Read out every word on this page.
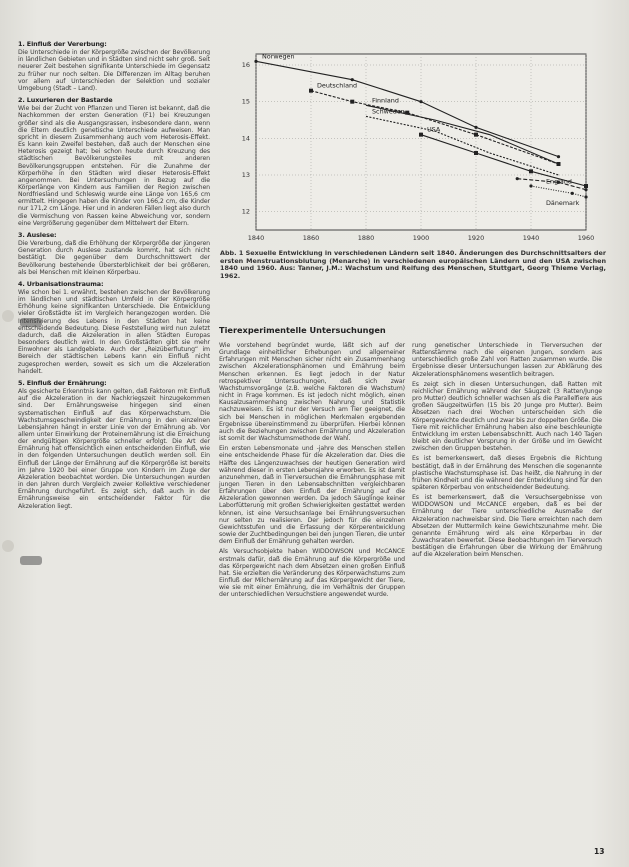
1. Einfluß der Vererbung:

Die Unterschiede in der Körpergröße zwischen der Bevölkerung in ländlichen Gebieten und in Städten sind nicht sehr groß. Seit neuerer Zeit bestehen signifikante Unterschiede im Gegensatz zu früher nur noch selten. Die Differenzen im Alltag beruhen vor allem auf Unterschieden der Selektion und sozialer Umgebung (Stadt – Land).

2. Luxurieren der Bastarde

Wie bei der Zucht von Pflanzen und Tieren ist bekannt, daß die Nachkommen der ersten Generation (F1) bei Kreuzungen größer sind als die Ausgangsrassen, insbesondere dann, wenn die Eltern deutlich genetische Unterschiede aufweisen. Man spricht in diesem Zusammenhang auch vom Heterosis-Effekt. Es kann kein Zweifel bestehen, daß auch der Menschen eine Heterosis gezeigt hat; bei schon heute durch Kreuzung des städtischen Bevölkerungsteiles mit anderen Bevölkerungsgruppen entstehen. Für die Zunahme der Körperhöhe in den Städten wird dieser Heterosis-Effekt angenommen. Bei Untersuchungen in Bezug auf die Körperlänge von Kindern aus Familien der Region zwischen Nordfriesland und Schleswig wurde eine Länge von 165,6 cm ermittelt. Hingegen haben die Kinder von 166,2 cm, die Kinder nur 171,2 cm Länge. Hier und in anderen Fällen liegt also durch die Vermischung von Rassen keine Abweichung vor, sondern eine Vergrößerung gegenüber dem Mittelwert der Eltern.

3. Auslese:

Die Vererbung, daß die Erhöhung der Körpergröße der jüngeren Generation durch Auslese zustande kommt, hat sich nicht bestätigt. Die gegenüber dem Durchschnittswert der Bevölkerung bestehende Übersterblichkeit der bei größeren, als bei Menschen mit kleinen Körperbau.

4. Urbanisationstrauma:

Wie schon bei 1. erwähnt, bestehen zwischen der Bevölkerung im ländlichen und städtischen Umfeld in der Körpergröße Erhöhung keine signifikanten Unterschiede. Die Entwicklung vieler Großstädte ist im Vergleich herangezogen worden. Die Intensivierung des Lebens in den Städten hat keine entscheidende Bedeutung. Diese Feststellung wird nun zuletzt dadurch, daß die Akzeleration in allen Städten Europas besonders deutlich wird. In den Großstädten gibt sie mehr Einwohner als Landgebiete. Auch der „Reizüberflutung“ im Bereich der städtischen Lebens kann ein Einfluß nicht zugesprochen werden, soweit es sich um die Akzeleration handelt.

5. Einfluß der Ernährung:

Als gesicherte Erkenntnis kann gelten, daß Faktoren mit Einfluß auf die Akzeleration in der Nachkriegszeit hinzugekommen sind. Der Ernährungsweise hingegen sind einen systematischen Einfluß auf das Körperwachstum. Die Wachstumsgeschwindigkeit der Ernährung in den einzelnen Lebensjahren hängt in erster Linie von der Ernährung ab. Vor allem unter Einwirkung der Proteinernährung ist die Erreichung der endgültigen Körpergröße schneller erfolgt. Die Art der Ernährung hat offensichtlich einen entscheidenden Einfluß, wie in den folgenden Untersuchungen deutlich werden soll. Ein Einfluß der Länge der Ernährung auf die Körpergröße ist bereits im Jahre 1920 bei einer Gruppe von Kindern im Zuge der Akzeleration beobachtet worden. Die Untersuchungen wurden in den Jahren durch Vergleich zweier Kollektive verschiedener Ernährung durchgeführt. Es zeigt sich, daß auch in der Ernährungsweise ein entscheidender Faktor für die Akzeleration liegt.

1840	1860	1880	1900	1920	1940	1960
16
15
14
13
12
Norwegen
Deutschland
Finnland
Schweden
USA
England
Dänemark
Abb. 1 Sexuelle Entwicklung in verschiedenen Ländern seit 1840. Änderungen des Durchschnittsalters der ersten Menstruationsblutung (Menarche) in verschiedenen europäischen Ländern und den USA zwischen 1840 und 1960. Aus: Tanner, J.M.: Wachstum und Reifung des Menschen, Stuttgart, Georg Thieme Verlag, 1962.
Tierexperimentelle Untersuchungen

Wie vorstehend begründet wurde, läßt sich auf der Grundlage einheitlicher Erhebungen und allgemeiner Erfahrungen mit Menschen sicher nicht ein Zusammenhang zwischen Akzelerationsphänomen und Ernährung beim Menschen erkennen. Es liegt jedoch in der Natur retrospektiver Untersuchungen, daß sich zwar Wachstumsvorgänge (z.B. welche Faktoren die Wachstum) nicht in Frage kommen. Es ist jedoch nicht möglich, einen Kausalzusammenhang zwischen Nahrung und Statistik nachzuweisen. Es ist nur der Versuch am Tier geeignet, die sich bei Menschen in möglichen Merkmalen ergebenden Ergebnisse übereinstimmend zu überprüfen. Hierbei können auch die Beziehungen zwischen Ernährung und Akzeleration ist somit der Wachstumsmethode der Wahl.

Ein ersten Lebensmonate und -jahre des Menschen stellen eine entscheidende Phase für die Akzeleration dar. Dies die Hälfte des Längenzuwachses der heutigen Generation wird während dieser in ersten Lebensjahre erworben. Es ist damit anzunehmen, daß in Tierversuchen die Ernährungsphase mit jungen Tieren in den Lebensabschnitten vergleichbaren Erfahrungen über den Einfluß der Ernährung auf die Akzeleration gewonnen werden. Da jedoch Säuglinge keiner Laborfütterung mit großen Schwierigkeiten gestattet werden können, ist eine Versuchsanlage bei Ernährungsversuchen nur selten zu realisieren. Der jedoch für die einzelnen Gewichtsstufen und die Erfassung der Körperentwicklung sowie der Zuchtbedingungen bei den jungen Tieren, die unter dem Einfluß der Ernährung gehalten werden.

Als Versuchsobjekte haben WIDDOWSON und McCANCE erstmals dafür, daß die Ernährung auf die Körpergröße und das Körpergewicht nach dem Absetzen einen großen Einfluß hat. Sie erzielten die Veränderung des Körperwachstums zum Einfluß der Milchernährung auf das Körpergewicht der Tiere, wie sie mit einer Ernährung, die im Verhältnis der Gruppen der unterschiedlichen Versuchstiere angewendet wurde.

rung genetischer Unterschiede in Tierversuchen der Rattenstämme nach die eigenen Jungen, sondern aus unterschiedlich große Zahl von Ratten zusammen wurde. Die Ergebnisse dieser Untersuchungen lassen zur Abklärung des Akzelerationsphänomens wesentlich beitragen.

Es zeigt sich in diesen Untersuchungen, daß Ratten mit reichlicher Ernährung während der Säugzeit (3 Ratten/Junge pro Mutter) deutlich schneller wachsen als die Parallelfiere aus großen Säugzeitwürfen (15 bis 20 Junge pro Mutter). Beim Absetzen nach drei Wochen unterscheiden sich die Körpergewichte deutlich und zwar bis zur doppelten Größe. Die Tiere mit reichlicher Ernährung haben also eine beschleunigte Entwicklung im ersten Lebensabschnitt. Auch nach 140 Tagen bleibt ein deutlicher Vorsprung in der Größe und im Gewicht zwischen den Gruppen bestehen.

Es ist bemerkenswert, daß dieses Ergebnis die Richtung bestätigt, daß in der Ernährung des Menschen die sogenannte plastische Wachstumsphase ist. Das heißt, die Nahrung in der frühen Kindheit und die während der Entwicklung sind für den späteren Körperbau von entscheidender Bedeutung.

Es ist bemerkenswert, daß die Versuchsergebnisse von WIDDOWSON und McCANCE ergeben, daß es bei der Ernährung der Tiere unterschiedliche Ausmaße der Akzeleration nachweisbar sind. Die Tiere erreichten nach dem Absetzen der Muttermilch keine Gewichtszunahme mehr. Die genannte Ernährung wird als eine Körperbau in der Zuwachsraten bewertet. Diese Beobachtungen im Tierversuch bestätigen die Erfahrungen über die Wirkung der Ernährung auf die Akzeleration beim Menschen.

13
